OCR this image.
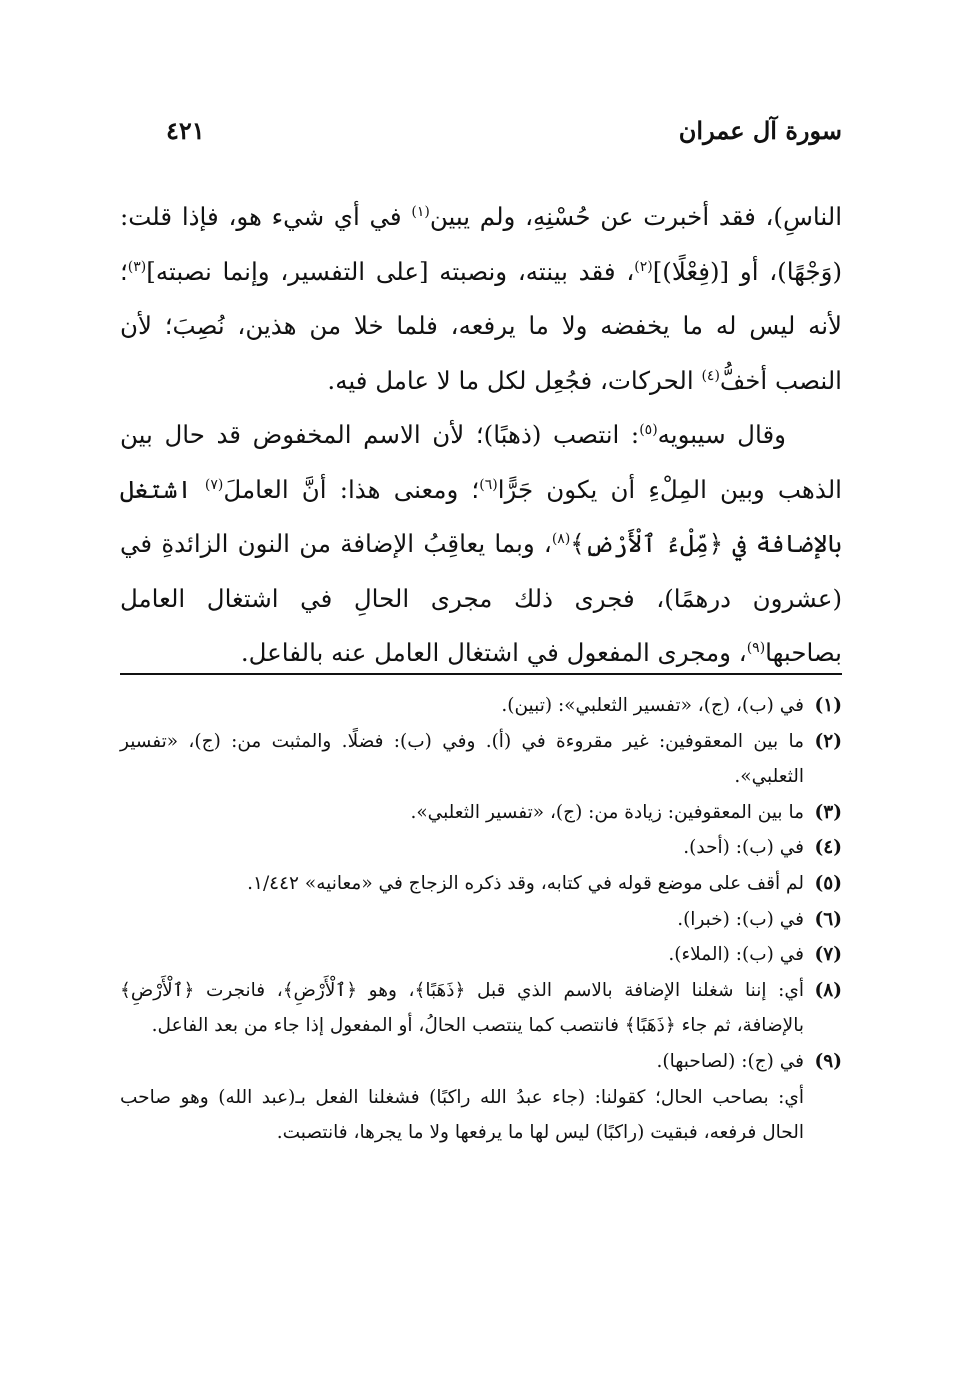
سورة آل عمران
٤٢١

الناسِ)، فقد أخبرت عن حُسْنِهِ، ولم يبين$^{(١)}$ في أي شيء هو، فإذا قلت: (وَجْهًا)، أو [(فِعْلًا)]$^{(٢)}$، فقد بينته، ونصبته [على التفسير، وإنما نصبته]$^{(٣)}$؛ لأنه ليس له ما يخفضه ولا ما يرفعه، فلما خلا من هذين، نُصِبَ؛ لأن النصب أخفُّ$^{(٤)}$ الحركات، فجُعِل لكل ما لا عامل فيه.

وقال سيبويه$^{(٥)}$: انتصب (ذهبًا)؛ لأن الاسم المخفوض قد حال بين الذهب وبين المِلْءِ أن يكون جَرًّا$^{(٦)}$؛ ومعنى هذا: أنَّ العاملَ$^{(٧)}$ اشتغل بالإضافة في ﴿مِّلْءُ ٱلْأَرْضِ﴾$^{(٨)}$، وبما يعاقِبُ الإضافة من النون الزائدةِ في (عشرون درهمًا)، فجرى ذلك مجرى الحالِ في اشتغال العامل بصاحبها$^{(٩)}$، ومجرى المفعول في اشتغال العامل عنه بالفاعل.

(١)
في (ب)، (ج)، «تفسير الثعلبي»: (تبين).
(٢)
ما بين المعقوفين: غير مقروءة في (أ). وفي (ب): فضلًا. والمثبت من: (ج)، «تفسير الثعلبي».
(٣)
ما بين المعقوفين: زيادة من: (ج)، «تفسير الثعلبي».
(٤)
في (ب): (أحد).
(٥)
لم أقف على موضع قوله في كتابه، وقد ذكره الزجاج في «معانيه» ١/٤٤٢.
(٦)
في (ب): (خبرا).
(٧)
في (ب): (الملاء).
(٨)
أي: إننا شغلنا الإضافة بالاسم الذي قبل ﴿ذَهَبًا﴾، وهو ﴿ٱلْأَرْضِ﴾، فانجرت ﴿ٱلْأَرْضِ﴾ بالإضافة، ثم جاء ﴿ذَهَبًا﴾ فانتصب كما ينتصب الحالُ، أو المفعول إذا جاء من بعد الفاعل.
(٩)
في (ج): (لصاحبها).
أي: بصاحب الحال؛ كقولنا: (جاء عبدُ الله راكبًا) فشغلنا الفعل بـ(عبد الله) وهو صاحب الحال فرفعه، فبقيت (راكبًا) ليس لها ما يرفعها ولا ما يجرها، فانتصبت.
